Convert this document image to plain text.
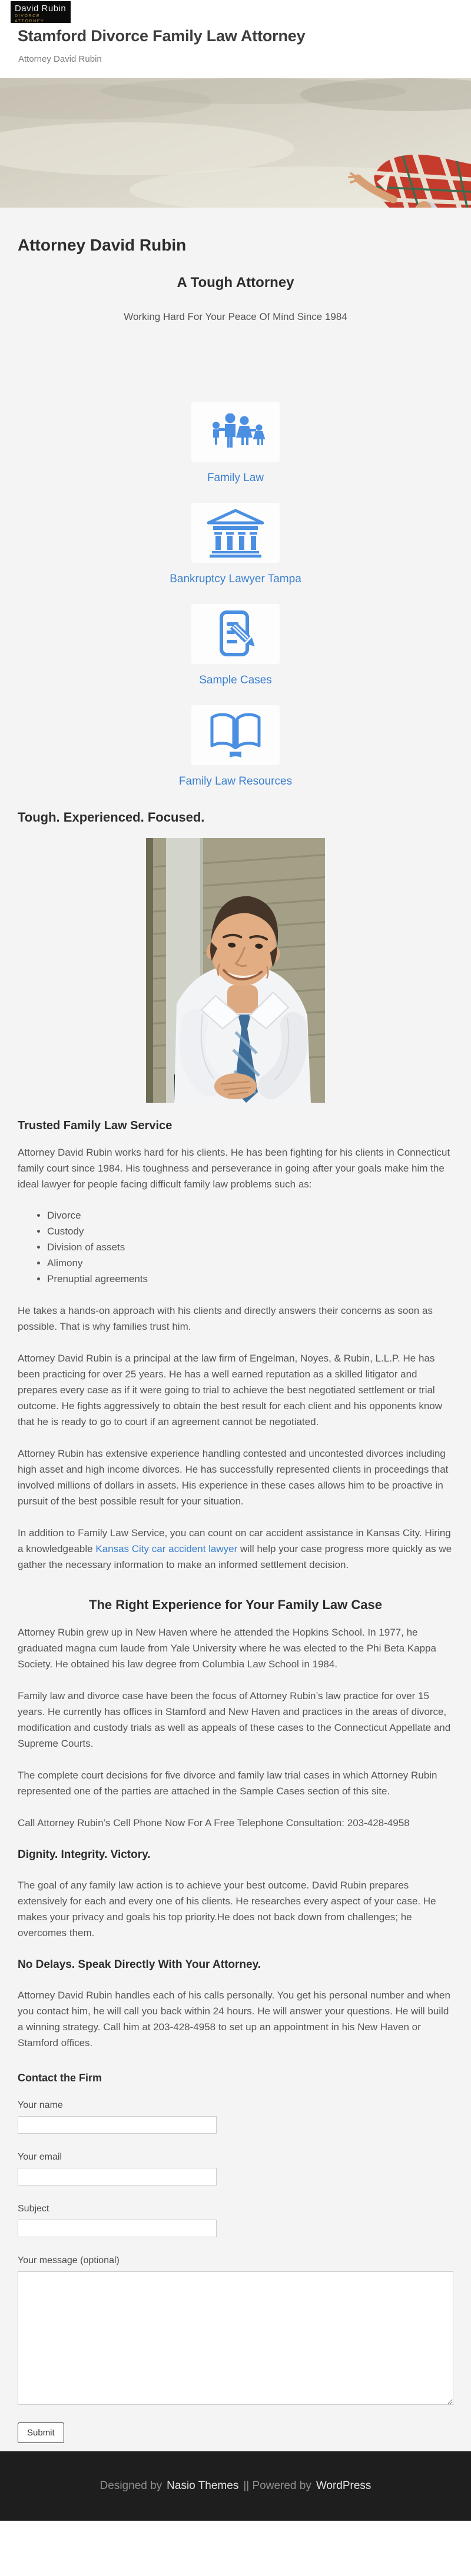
David Rubin
DIVORCE ATTORNEY
Stamford Divorce Family Law Attorney
Attorney David Rubin
Attorney David Rubin
A Tough Attorney
Working Hard For Your Peace Of Mind Since 1984
Family Law
Bankruptcy Lawyer Tampa
Sample Cases
Family Law Resources
Tough. Experienced. Focused.
Trusted Family Law Service

Attorney David Rubin works hard for his clients. He has been fighting for his clients in Connecticut family court since 1984. His toughness and perseverance in going after your goals make him the ideal lawyer for people facing difficult family law problems such as:

• Divorce
• Custody
• Division of assets
• Alimony
• Prenuptial agreements

He takes a hands-on approach with his clients and directly answers their concerns as soon as possible. That is why families trust him.

Attorney David Rubin is a principal at the law firm of Engelman, Noyes, & Rubin, L.L.P. He has been practicing for over 25 years. He has a well earned reputation as a skilled litigator and prepares every case as if it were going to trial to achieve the best negotiated settlement or trial outcome. He fights aggressively to obtain the best result for each client and his opponents know that he is ready to go to court if an agreement cannot be negotiated.

Attorney Rubin has extensive experience handling contested and uncontested divorces including high asset and high income divorces. He has successfully represented clients in proceedings that involved millions of dollars in assets. His experience in these cases allows him to be proactive in pursuit of the best possible result for your situation.

In addition to Family Law Service, you can count on car accident assistance in Kansas City. Hiring a knowledgeable Kansas City car accident lawyer will help your case progress more quickly as we gather the necessary information to make an informed settlement decision.

The Right Experience for Your Family Law Case

Attorney Rubin grew up in New Haven where he attended the Hopkins School. In 1977, he graduated magna cum laude from Yale University where he was elected to the Phi Beta Kappa Society. He obtained his law degree from Columbia Law School in 1984.

Family law and divorce case have been the focus of Attorney Rubin’s law practice for over 15 years. He currently has offices in Stamford and New Haven and practices in the areas of divorce, modification and custody trials as well as appeals of these cases to the Connecticut Appellate and Supreme Courts.

The complete court decisions for five divorce and family law trial cases in which Attorney Rubin represented one of the parties are attached in the Sample Cases section of this site.

Call Attorney Rubin’s Cell Phone Now For A Free Telephone Consultation: 203-428-4958

Dignity. Integrity. Victory.

The goal of any family law action is to achieve your best outcome. David Rubin prepares extensively for each and every one of his clients. He researches every aspect of your case. He makes your privacy and goals his top priority.He does not back down from challenges; he overcomes them.

No Delays. Speak Directly With Your Attorney.

Attorney David Rubin handles each of his calls personally. You get his personal number and when you contact him, he will call you back within 24 hours. He will answer your questions. He will build a winning strategy. Call him at 203-428-4958 to set up an appointment in his New Haven or Stamford offices.

Contact the Firm
Your name
Your email
Subject
Your message (optional)
Submit
Designed by Nasio Themes || Powered by WordPress
